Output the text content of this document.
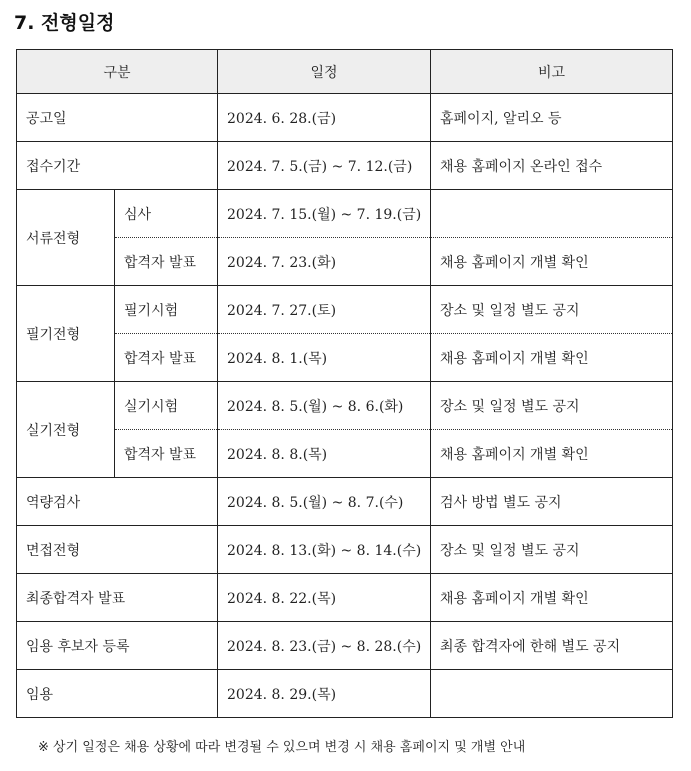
7. 전형일정
구분		일정	비고
공고일		2024. 6. 28.(금)	홈페이지, 알리오 등
접수기간		2024. 7. 5.(금) ~ 7. 12.(금)	채용 홈페이지 온라인 접수
서류전형	심사	2024. 7. 15.(월) ~ 7. 19.(금)	
	합격자 발표	2024. 7. 23.(화)	채용 홈페이지 개별 확인
필기전형	필기시험	2024. 7. 27.(토)	장소 및 일정 별도 공지
	합격자 발표	2024. 8. 1.(목)	채용 홈페이지 개별 확인
실기전형	실기시험	2024. 8. 5.(월) ~ 8. 6.(화)	장소 및 일정 별도 공지
	합격자 발표	2024. 8. 8.(목)	채용 홈페이지 개별 확인
역량검사		2024. 8. 5.(월) ~ 8. 7.(수)	검사 방법 별도 공지
면접전형		2024. 8. 13.(화) ~ 8. 14.(수)	장소 및 일정 별도 공지
최종합격자 발표		2024. 8. 22.(목)	채용 홈페이지 개별 확인
임용 후보자 등록		2024. 8. 23.(금) ~ 8. 28.(수)	최종 합격자에 한해 별도 공지
임용		2024. 8. 29.(목)	
※ 상기 일정은 채용 상황에 따라 변경될 수 있으며 변경 시 채용 홈페이지 및 개별 안내
